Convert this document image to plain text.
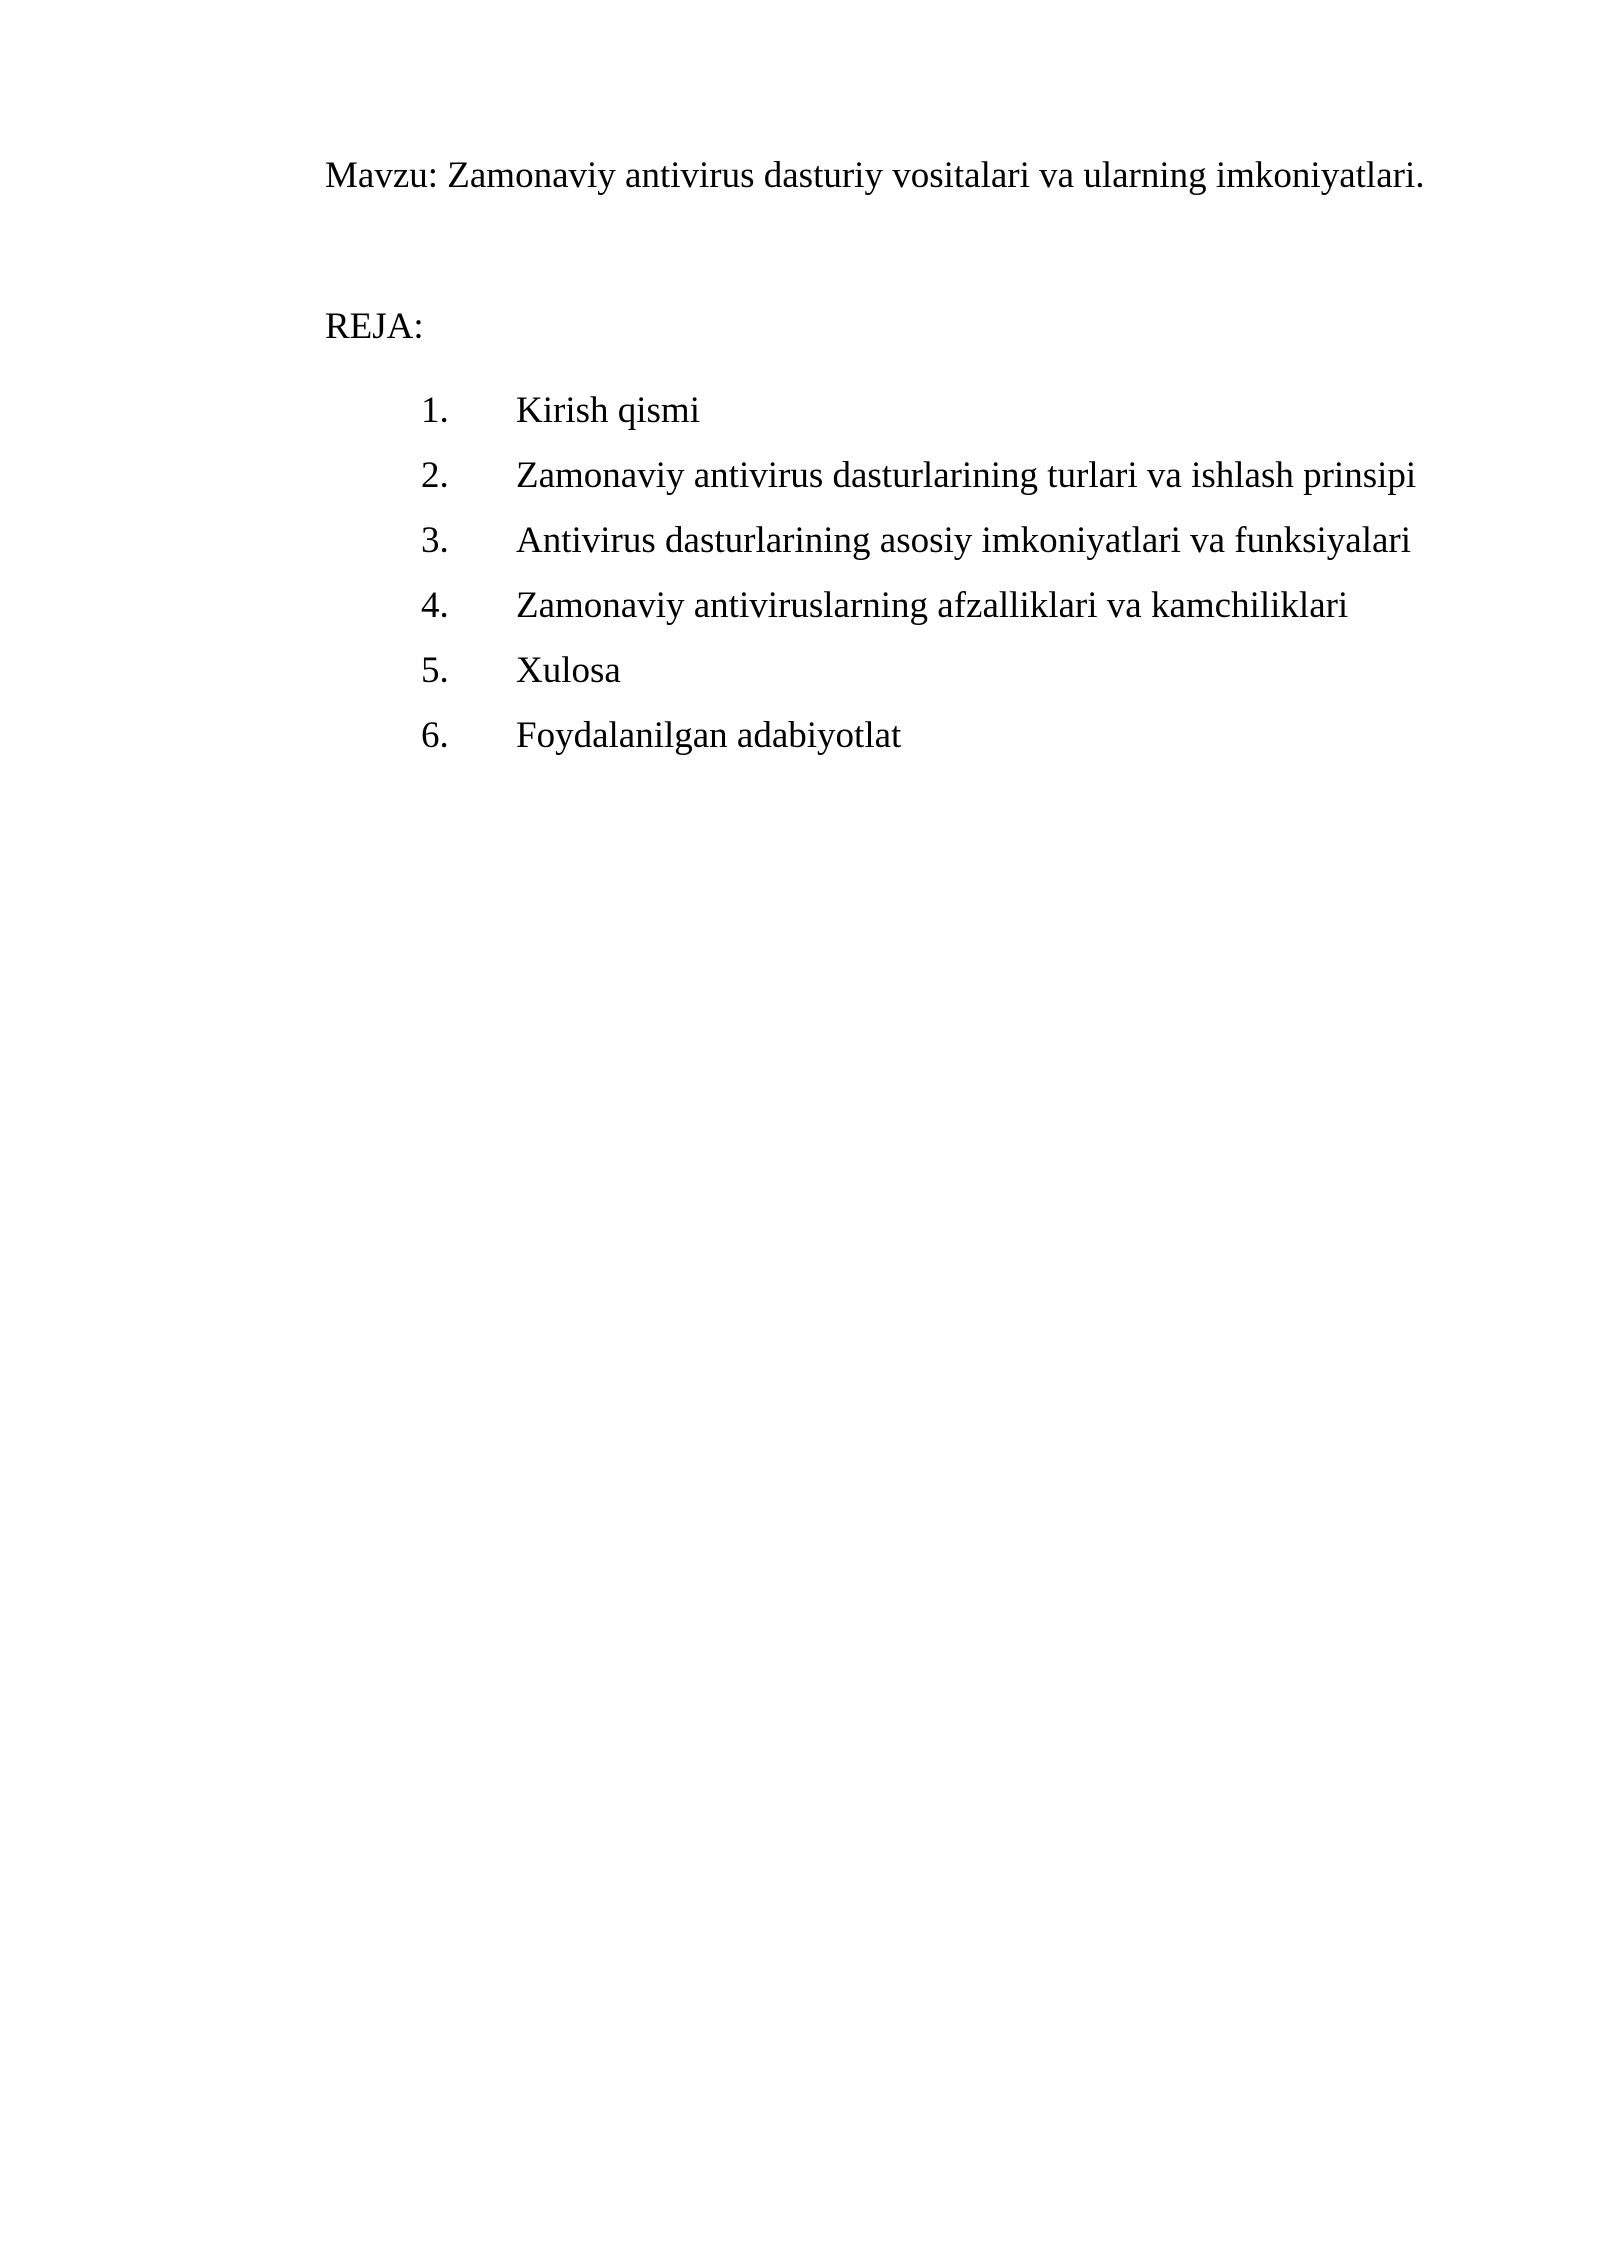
Mavzu: Zamonaviy antivirus dasturiy vositalari va ularning imkoniyatlari.
REJA:
1. Kirish qismi
2. Zamonaviy antivirus dasturlarining turlari va ishlash prinsipi
3. Antivirus dasturlarining asosiy imkoniyatlari va funksiyalari
4. Zamonaviy antiviruslarning afzalliklari va kamchiliklari
5. Xulosa
6. Foydalanilgan adabiyotlat
